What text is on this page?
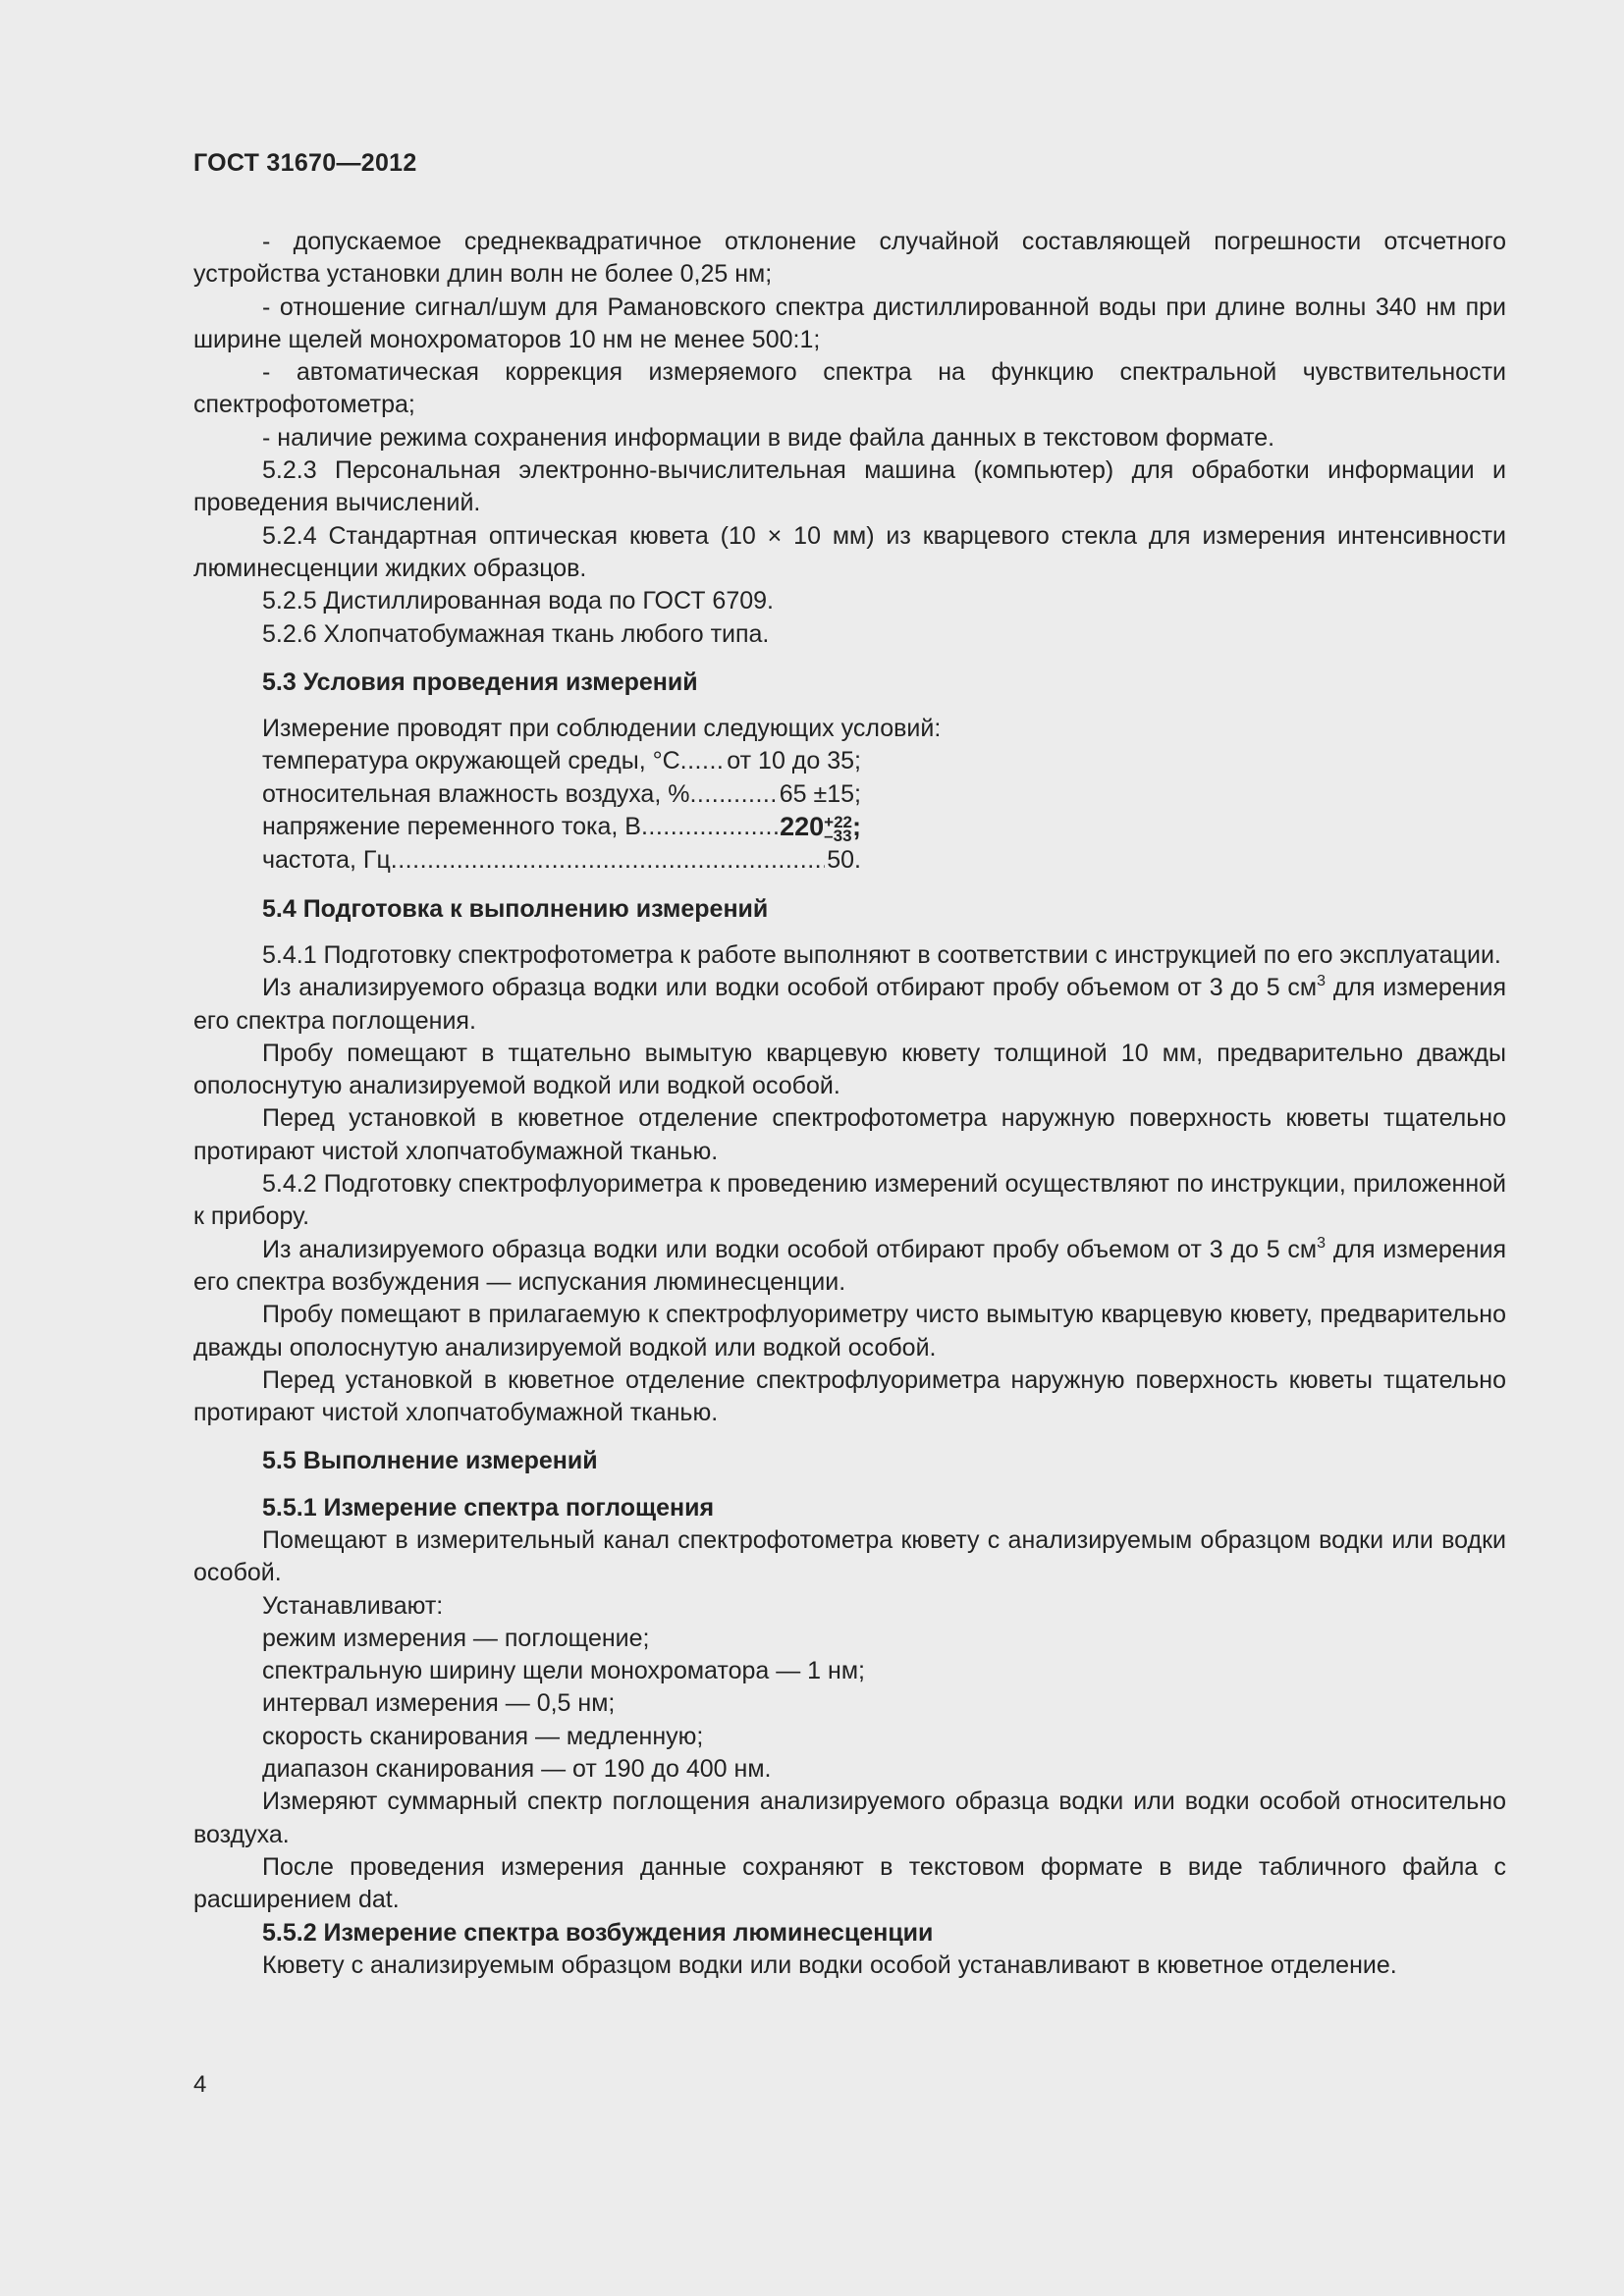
ГОСТ 31670—2012

- допускаемое среднеквадратичное отклонение случайной составляющей погрешности отсчетного устройства установки длин волн не более 0,25 нм;

- отношение сигнал/шум для Рамановского спектра дистиллированной воды при длине волны 340 нм при ширине щелей монохроматоров 10 нм не менее 500:1;

- автоматическая коррекция измеряемого спектра на функцию спектральной чувствительности спектрофотометра;

- наличие режима сохранения информации в виде файла данных в текстовом формате.

5.2.3 Персональная электронно-вычислительная машина (компьютер) для обработки информации и проведения вычислений.

5.2.4 Стандартная оптическая кювета (10 × 10 мм) из кварцевого стекла для измерения интенсивности люминесценции жидких образцов.

5.2.5 Дистиллированная вода по ГОСТ 6709.

5.2.6 Хлопчатобумажная ткань любого типа.

5.3 Условия проведения измерений

Измерение проводят при соблюдении следующих условий:

температура окружающей среды, °С ..... от 10 до 35;
относительная влажность воздуха, % .....	65 ±15;
напряжение переменного тока, В .....	220 +22
–33 ;
частота, Гц .....	50.

5.4 Подготовка к выполнению измерений

5.4.1 Подготовку спектрофотометра к работе выполняют в соответствии с инструкцией по его эксплуатации.

Из анализируемого образца водки или водки особой отбирают пробу объемом от 3 до 5 $см^3$ для измерения его спектра поглощения.

Пробу помещают в тщательно вымытую кварцевую кювету толщиной 10 мм, предварительно дважды ополоснутую анализируемой водкой или водкой особой.

Перед установкой в кюветное отделение спектрофотометра наружную поверхность кюветы тщательно протирают чистой хлопчатобумажной тканью.

5.4.2 Подготовку спектрофлуориметра к проведению измерений осуществляют по инструкции, приложенной к прибору.

Из анализируемого образца водки или водки особой отбирают пробу объемом от 3 до 5 $см^3$ для измерения его спектра возбуждения — испускания люминесценции.

Пробу помещают в прилагаемую к спектрофлуориметру чисто вымытую кварцевую кювету, предварительно дважды ополоснутую анализируемой водкой или водкой особой.

Перед установкой в кюветное отделение спектрофлуориметра наружную поверхность кюветы тщательно протирают чистой хлопчатобумажной тканью.

5.5 Выполнение измерений

5.5.1 Измерение спектра поглощения

Помещают в измерительный канал спектрофотометра кювету с анализируемым образцом водки или водки особой.

Устанавливают:

режим измерения — поглощение;

спектральную ширину щели монохроматора — 1 нм;

интервал измерения — 0,5 нм;

скорость сканирования — медленную;

диапазон сканирования — от 190 до 400 нм.

Измеряют суммарный спектр поглощения анализируемого образца водки или водки особой относительно воздуха.

После проведения измерения данные сохраняют в текстовом формате в виде табличного файла с расширением dat.

5.5.2 Измерение спектра возбуждения люминесценции

Кювету с анализируемым образцом водки или водки особой устанавливают в кюветное отделение.

4
